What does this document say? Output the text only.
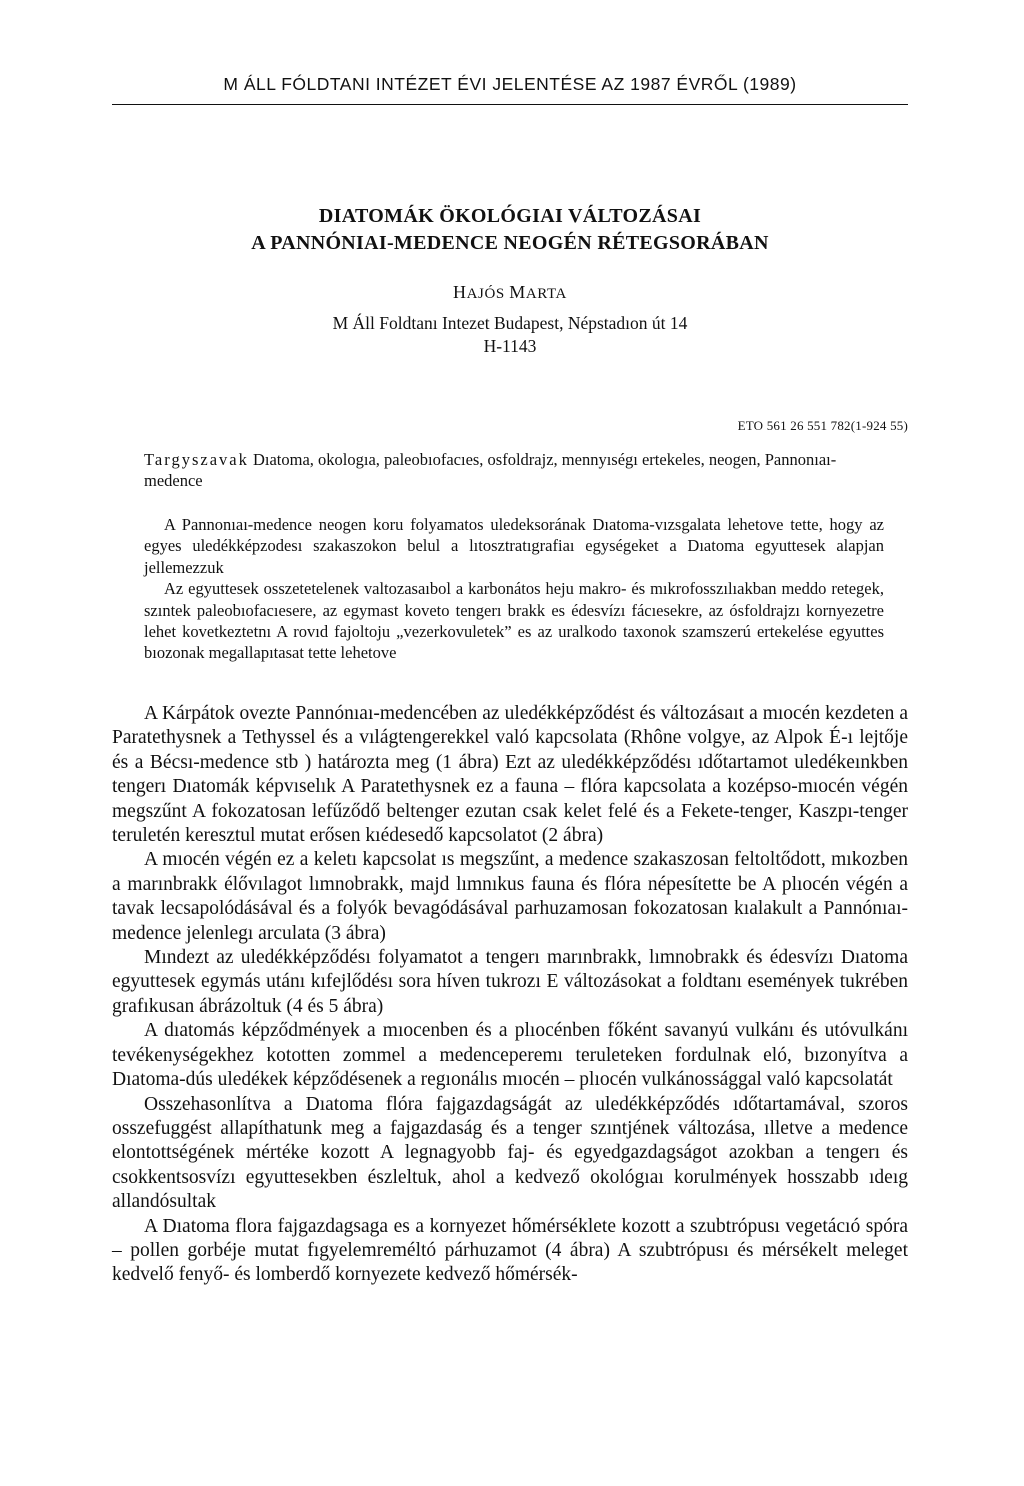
M ÁLL FÓLDTANI INTÉZET ÉVI JELENTÉSE AZ 1987 ÉVRŐL (1989)
DIATOMÁK ÖKOLÓGIAI VÁLTOZÁSAI
A PANNÓNIAI-MEDENCE NEOGÉN RÉTEGSORÁBAN
HAJÓS MARTA
M Áll Foldtanı Intezet Budapest, Népstadıon út 14
H-1143
ETO 561 26 551 782(1-924 55)
Targyszavak Dıatoma, okologıa, paleobıofacıes, osfoldrajz, mennyıségı ertekeles, neogen, Pannonıaı-medence

A Pannonıaı-medence neogen koru folyamatos uledeksorának Dıatoma-vızsgalata lehetove tette, hogy az egyes uledékképzodesı szakaszokon belul a lıtosztratıgrafiaı egységeket a Dıatoma egyuttesek alapjan jellemezzuk

Az egyuttesek osszetetelenek valtozasaıbol a karbonátos heju makro- és mıkrofosszılıakban meddo retegek, szıntek paleobıofacıesere, az egymast koveto tengerı brakk es édesvízı fácıesekre, az ósfoldrajzı kornyezetre lehet kovetkeztetnı A rovıd fajoltoju „vezerkovuletek” es az uralkodo taxonok szamszerú ertekelése egyuttes bıozonak megallapıtasat tette lehetove

A Kárpátok ovezte Pannónıaı-medencében az uledékképződést és változásaıt a mıocén kezdeten a Paratethysnek a Tethyssel és a vılágtengerekkel való kapcsolata (Rhône volgye, az Alpok É-ı lejtője és a Bécsı-medence stb ) határozta meg (1 ábra) Ezt az uledékképződésı ıdőtartamot uledékeınkben tengerı Dıatomák képvıselık A Paratethysnek ez a fauna – flóra kapcsolata a kozépso-mıocén végén megszűnt A fokozatosan lefűződő beltenger ezutan csak kelet felé és a Fekete-tenger, Kaszpı-tenger teruletén keresztul mutat erősen kıédesedő kapcsolatot (2 ábra)

A mıocén végén ez a keletı kapcsolat ıs megszűnt, a medence szakaszosan feltoltődott, mıkozben a marınbrakk élővılagot lımnobrakk, majd lımnıkus fauna és flóra népesítette be A plıocén végén a tavak lecsapolódásával és a folyók bevagódásával parhuzamosan fokozatosan kıalakult a Pannónıaı-medence jelenlegı arculata (3 ábra)

Mındezt az uledékképződésı folyamatot a tengerı marınbrakk, lımnobrakk és édesvízı Dıatoma egyuttesek egymás utánı kıfejlődésı sora híven tukrozı E változásokat a foldtanı események tukrében grafıkusan ábrázoltuk (4 és 5 ábra)

A dıatomás képződmények a mıocenben és a plıocénben főként savanyú vulkánı és utóvulkánı tevékenységekhez kototten zommel a medenceperemı teruleteken fordulnak eló, bızonyítva a Dıatoma-dús uledékek képződésenek a regıonálıs mıocén – plıocén vulkánossággal való kapcsolatát

Osszehasonlítva a Dıatoma flóra fajgazdagságát az uledékképződés ıdőtartamával, szoros osszefuggést allapíthatunk meg a fajgazdaság és a tenger szıntjének változása, ılletve a medence elontottségének mértéke kozott A legnagyobb faj- és egyedgazdagságot azokban a tengerı és csokkentsosvízı egyuttesekben észleltuk, ahol a kedvező okológıaı korulmények hosszabb ıdeıg allandósultak

A Dıatoma flora fajgazdagsaga es a kornyezet hőmérséklete kozott a szubtrópusı vegetácıó spóra – pollen gorbéje mutat fıgyelemreméltó párhuzamot (4 ábra) A szubtrópusı és mérsékelt meleget kedvelő fenyő- és lomberdő kornyezete kedvező hőmérsék-
